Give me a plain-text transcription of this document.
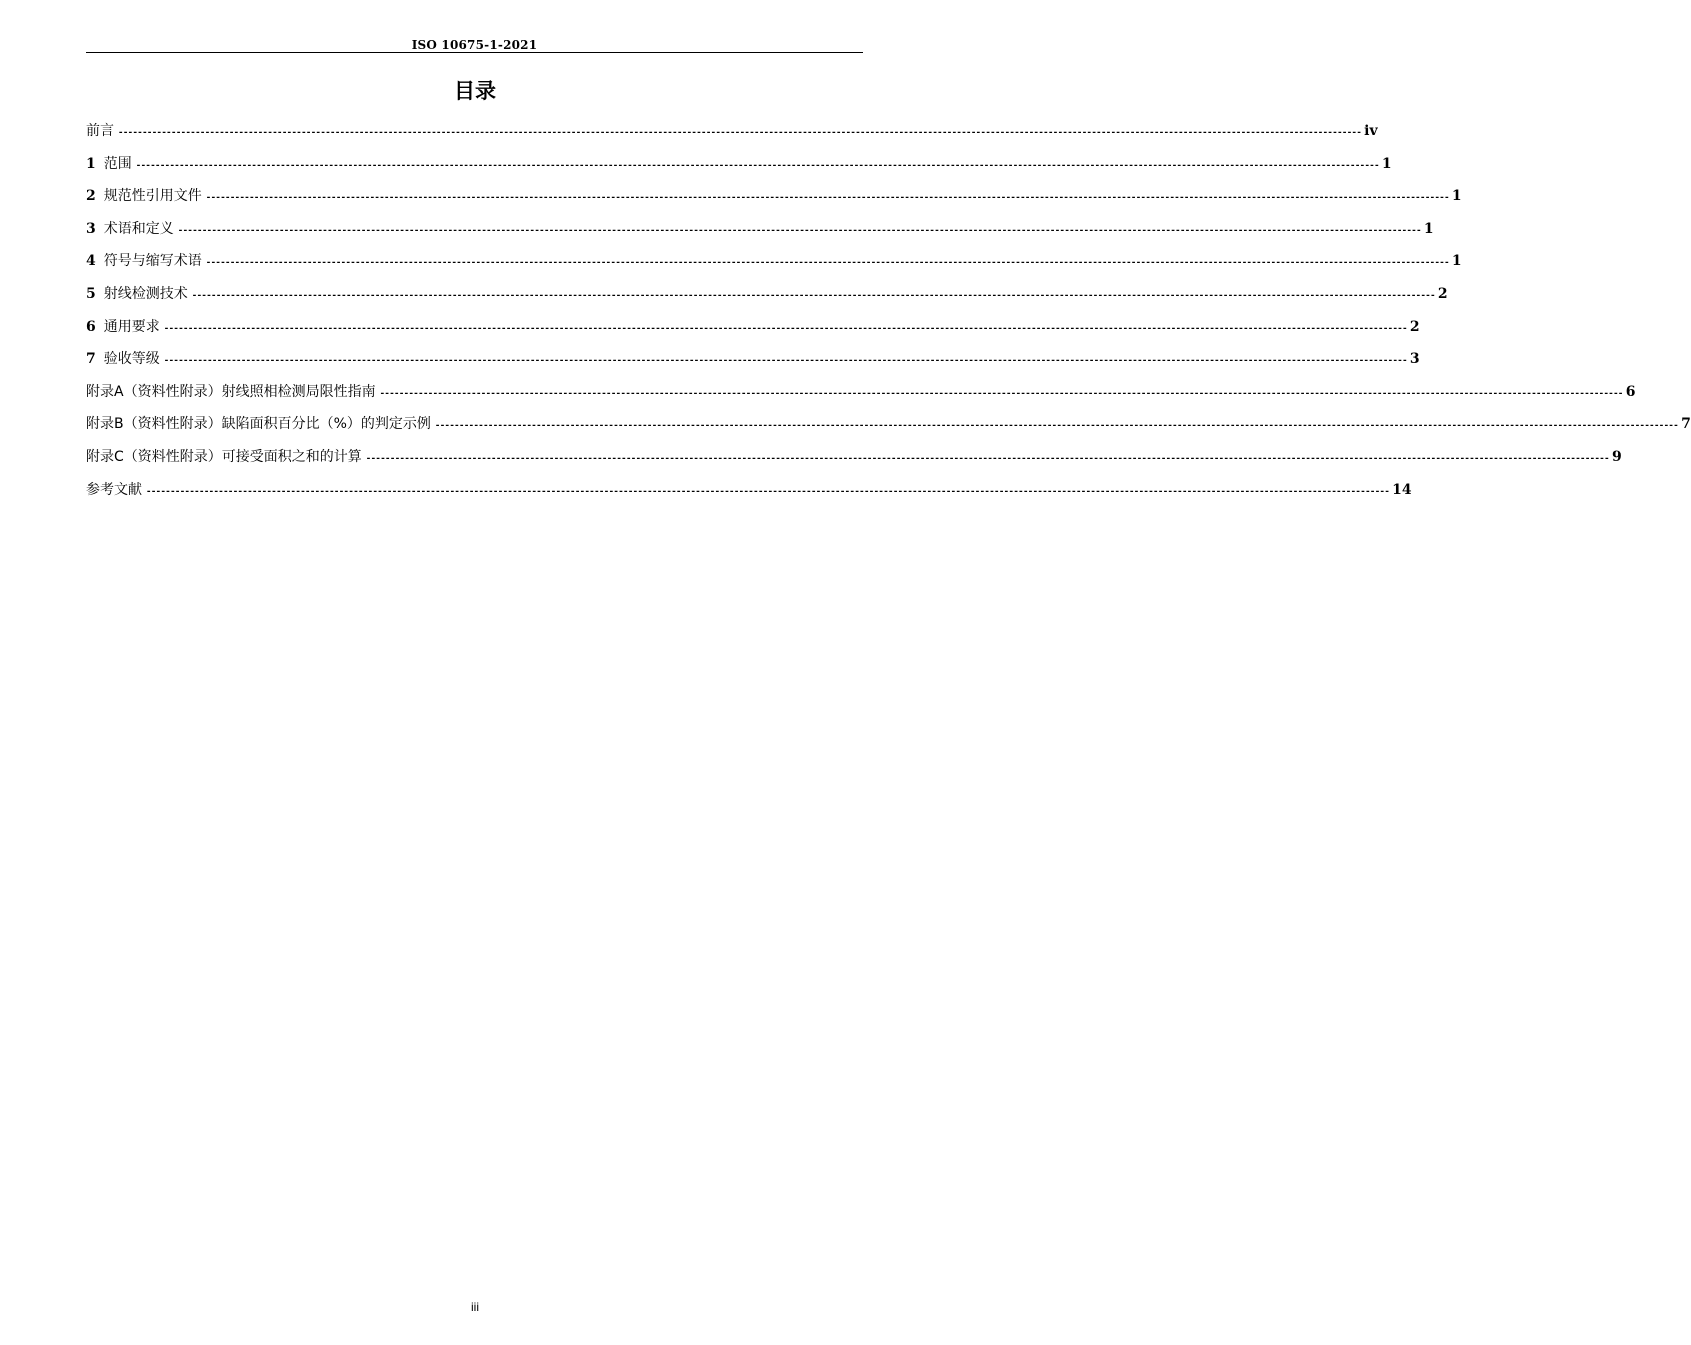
ISO 10675-1-2021
目录
前言 ------------------------------------------------------------------------------------------------------------------------------------------------------------------------------------------------------------------------------------------------------------------ iv
1 范围 ------------------------------------------------------------------------------------------------------------------------------------------------------------------------------------------------------------------------------------------------------------------ 1
2 规范性引用文件 ------------------------------------------------------------------------------------------------------------------------------------------------------------------------------------------------------------------------------------------------------------------ 1
3 术语和定义 ------------------------------------------------------------------------------------------------------------------------------------------------------------------------------------------------------------------------------------------------------------------ 1
4 符号与缩写术语 ------------------------------------------------------------------------------------------------------------------------------------------------------------------------------------------------------------------------------------------------------------------ 1
5 射线检测技术 ------------------------------------------------------------------------------------------------------------------------------------------------------------------------------------------------------------------------------------------------------------------ 2
6 通用要求 ------------------------------------------------------------------------------------------------------------------------------------------------------------------------------------------------------------------------------------------------------------------ 2
7 验收等级 ------------------------------------------------------------------------------------------------------------------------------------------------------------------------------------------------------------------------------------------------------------------ 3
附录A（资料性附录）射线照相检测局限性指南 ------------------------------------------------------------------------------------------------------------------------------------------------------------------------------------------------------------------------------------------------------------------ 6
附录B（资料性附录）缺陷面积百分比（%）的判定示例 ------------------------------------------------------------------------------------------------------------------------------------------------------------------------------------------------------------------------------------------------------------------ 7
附录C（资料性附录）可接受面积之和的计算 ------------------------------------------------------------------------------------------------------------------------------------------------------------------------------------------------------------------------------------------------------------------ 9
参考文献 ------------------------------------------------------------------------------------------------------------------------------------------------------------------------------------------------------------------------------------------------------------------ 14
iii
